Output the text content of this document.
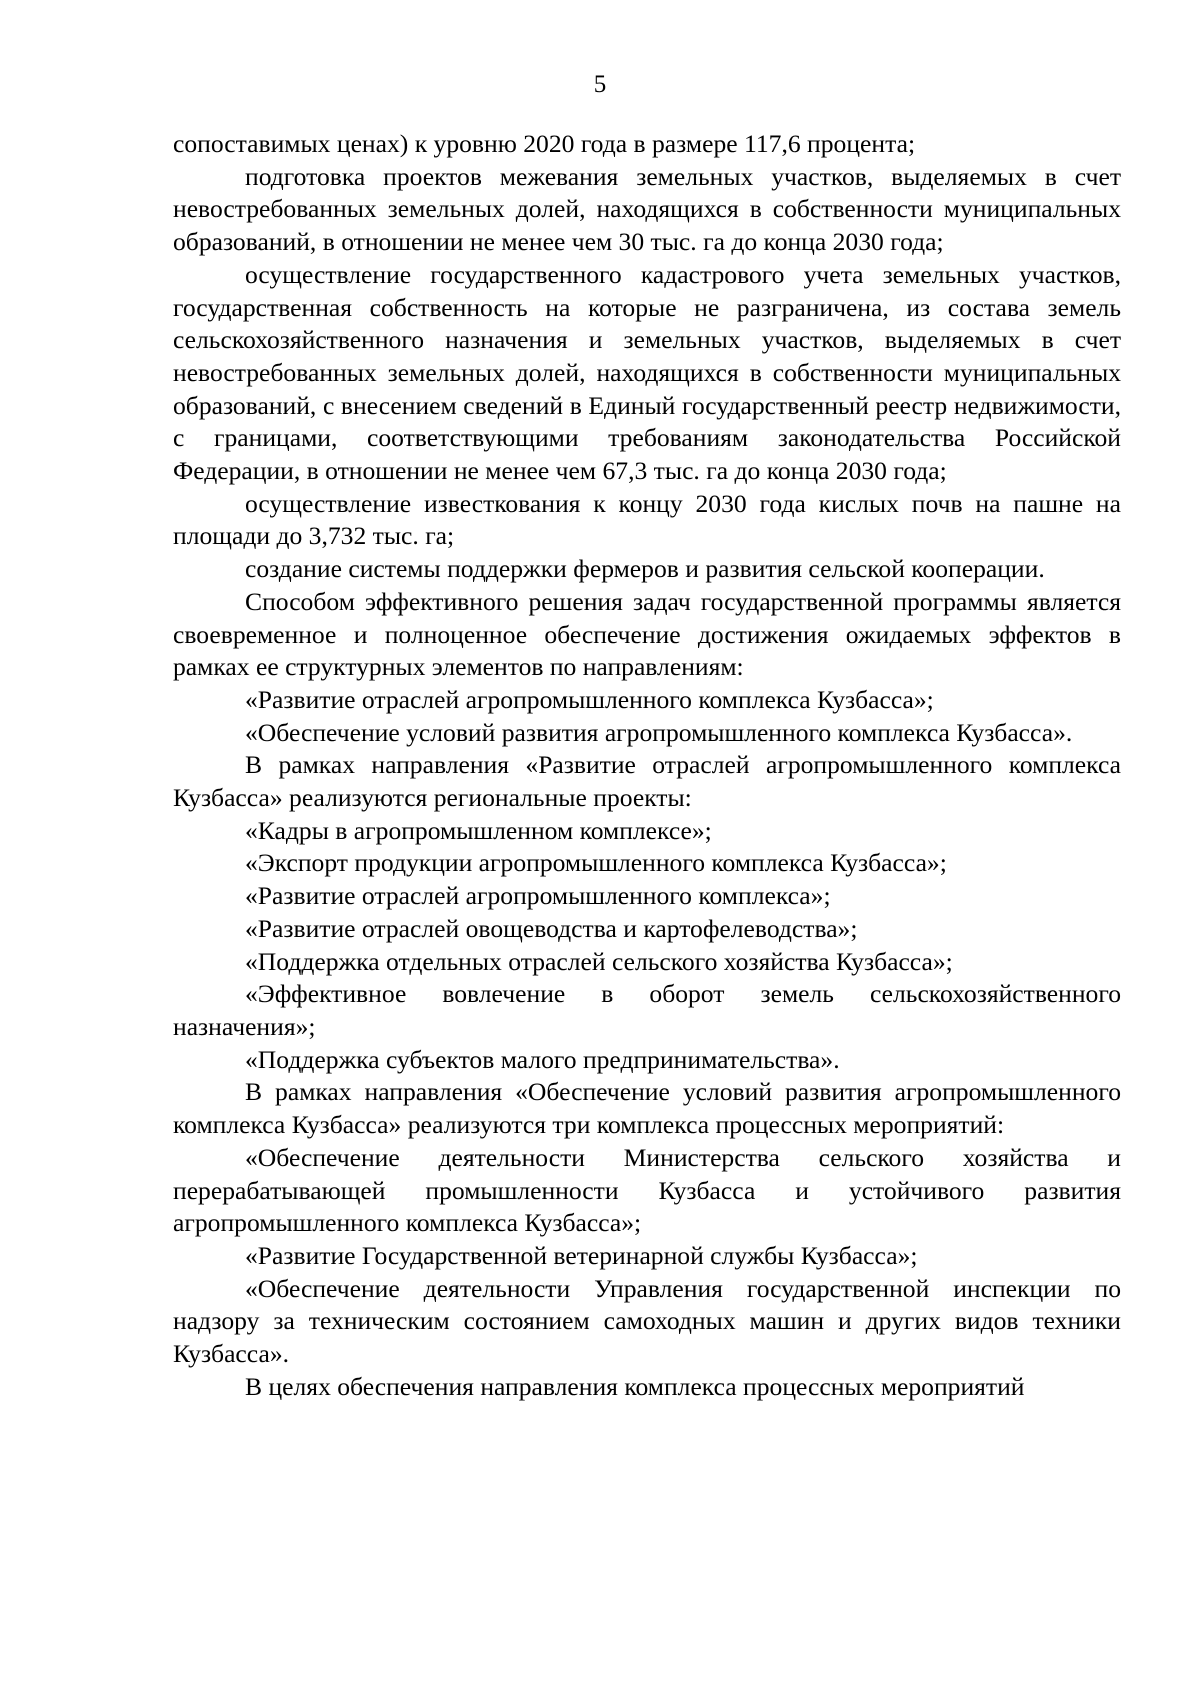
5

сопоставимых ценах) к уровню 2020 года в размере 117,6 процента;

подготовка проектов межевания земельных участков, выделяемых в счет невостребованных земельных долей, находящихся в собственности муниципальных образований, в отношении не менее чем 30 тыс. га до конца 2030 года;

осуществление государственного кадастрового учета земельных участков, государственная собственность на которые не разграничена, из состава земель сельскохозяйственного назначения и земельных участков, выделяемых в счет невостребованных земельных долей, находящихся в собственности муниципальных образований, с внесением сведений в Единый государственный реестр недвижимости, с границами, соответствующими требованиям законодательства Российской Федерации, в отношении не менее чем 67,3 тыс. га до конца 2030 года;

осуществление известкования к концу 2030 года кислых почв на пашне на площади до 3,732 тыс. га;

создание системы поддержки фермеров и развития сельской кооперации.

Способом эффективного решения задач государственной программы является своевременное и полноценное обеспечение достижения ожидаемых эффектов в рамках ее структурных элементов по направлениям:

«Развитие отраслей агропромышленного комплекса Кузбасса»;

«Обеспечение условий развития агропромышленного комплекса Кузбасса».

В рамках направления «Развитие отраслей агропромышленного комплекса Кузбасса» реализуются региональные проекты:

«Кадры в агропромышленном комплексе»;

«Экспорт продукции агропромышленного комплекса Кузбасса»;

«Развитие отраслей агропромышленного комплекса»;

«Развитие отраслей овощеводства и картофелеводства»;

«Поддержка отдельных отраслей сельского хозяйства Кузбасса»;

«Эффективное вовлечение в оборот земель сельскохозяйственного назначения»;

«Поддержка субъектов малого предпринимательства».

В рамках направления «Обеспечение условий развития агропромышленного комплекса Кузбасса» реализуются три комплекса процессных мероприятий:

«Обеспечение деятельности Министерства сельского хозяйства и перерабатывающей промышленности Кузбасса и устойчивого развития агропромышленного комплекса Кузбасса»;

«Развитие Государственной ветеринарной службы Кузбасса»;

«Обеспечение деятельности Управления государственной инспекции по надзору за техническим состоянием самоходных машин и других видов техники Кузбасса».

В целях обеспечения направления комплекса процессных мероприятий
